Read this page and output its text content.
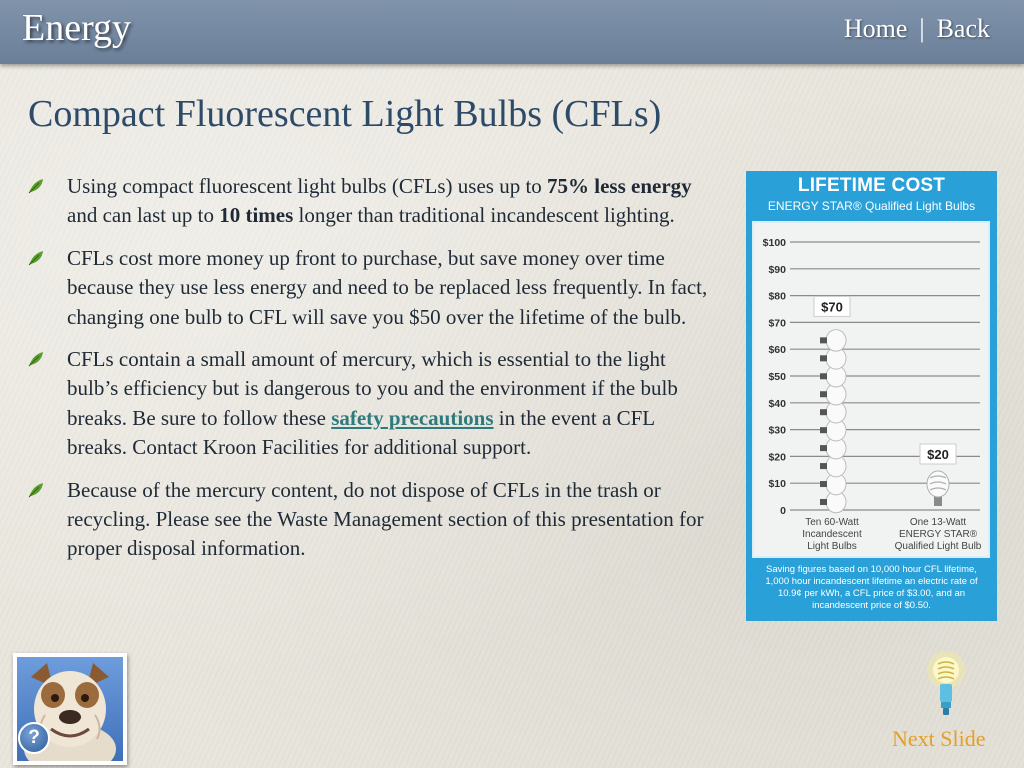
Energy	Home | Back
Compact Fluorescent Light Bulbs (CFLs)
Using compact fluorescent light bulbs (CFLs) uses up to 75% less energy and can last up to 10 times longer than traditional incandescent lighting.
CFLs cost more money up front to purchase, but save money over time because they use less energy and need to be replaced less frequently. In fact, changing one bulb to CFL will save you $50 over the lifetime of the bulb.
CFLs contain a small amount of mercury, which is essential to the light bulb’s efficiency but is dangerous to you and the environment if the bulb breaks. Be sure to follow these safety precautions in the event a CFL breaks. Contact Kroon Facilities for additional support.
Because of the mercury content, do not dispose of CFLs in the trash or recycling. Please see the Waste Management section of this presentation for proper disposal information.
LIFETIME COST
ENERGY STAR® Qualified Light Bulbs
$100
$90
$80
$70
$60
$50
$40
$30
$20
$10
0
$70
Ten 60-Watt
Incandescent
Light Bulbs
$20
One 13-Watt
ENERGY STAR®
Qualified Light Bulb
Saving figures based on 10,000 hour CFL lifetime, 1,000 hour incandescent lifetime an electric rate of 10.9¢ per kWh, a CFL price of $3.00, and an incandescent price of $0.50.
?	Next Slide
